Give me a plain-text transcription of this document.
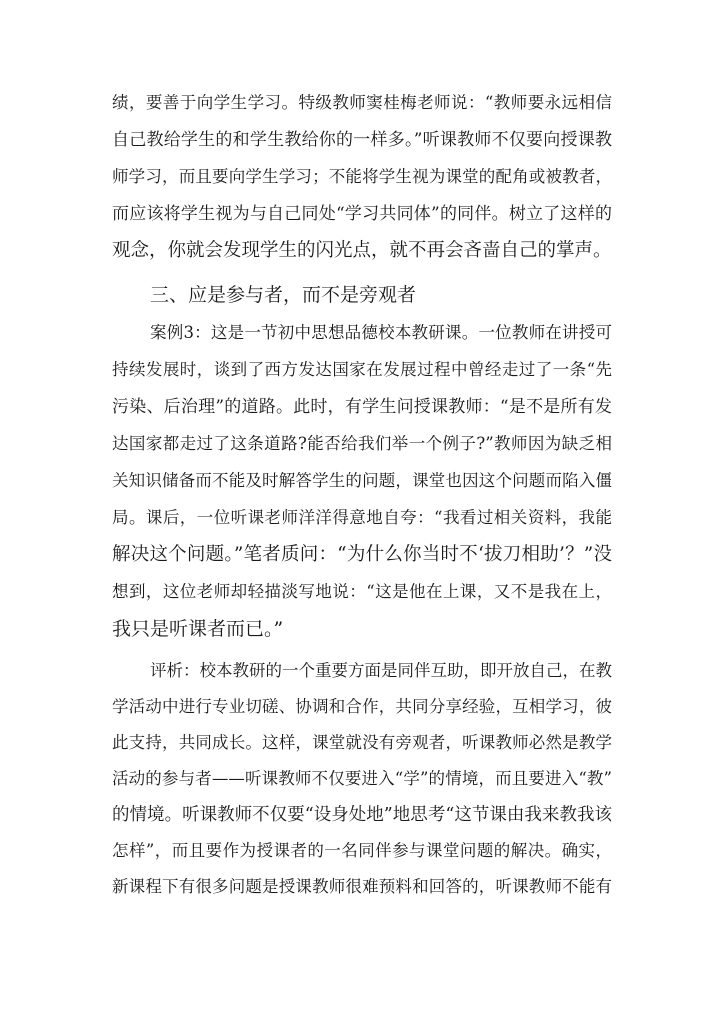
绩，要善于向学生学习。特级教师窦桂梅老师说：“教师要永远相信
自己教给学生的和学生教给你的一样多。”听课教师不仅要向授课教
师学习，而且要向学生学习；不能将学生视为课堂的配角或被教者，
而应该将学生视为与自己同处“学习共同体”的同伴。树立了这样的
观念，你就会发现学生的闪光点，就不再会吝啬自己的掌声。
三、应是参与者，而不是旁观者
案例3：这是一节初中思想品德校本教研课。一位教师在讲授可
持续发展时，谈到了西方发达国家在发展过程中曾经走过了一条“先
污染、后治理”的道路。此时，有学生问授课教师：“是不是所有发
达国家都走过了这条道路?能否给我们举一个例子?”教师因为缺乏相
关知识储备而不能及时解答学生的问题，课堂也因这个问题而陷入僵
局。课后，一位听课老师洋洋得意地自夸：“我看过相关资料，我能
解决这个问题。”笔者质问：“为什么你当时不‘拔刀相助’？”没
想到，这位老师却轻描淡写地说：“这是他在上课，又不是我在上，
我只是听课者而已。”
评析：校本教研的一个重要方面是同伴互助，即开放自己，在教
学活动中进行专业切磋、协调和合作，共同分享经验，互相学习，彼
此支持，共同成长。这样，课堂就没有旁观者，听课教师必然是教学
活动的参与者——听课教师不仅要进入“学”的情境，而且要进入“教”
的情境。听课教师不仅要“设身处地”地思考“这节课由我来教我该
怎样”，而且要作为授课者的一名同伴参与课堂问题的解决。确实，
新课程下有很多问题是授课教师很难预料和回答的，听课教师不能有
